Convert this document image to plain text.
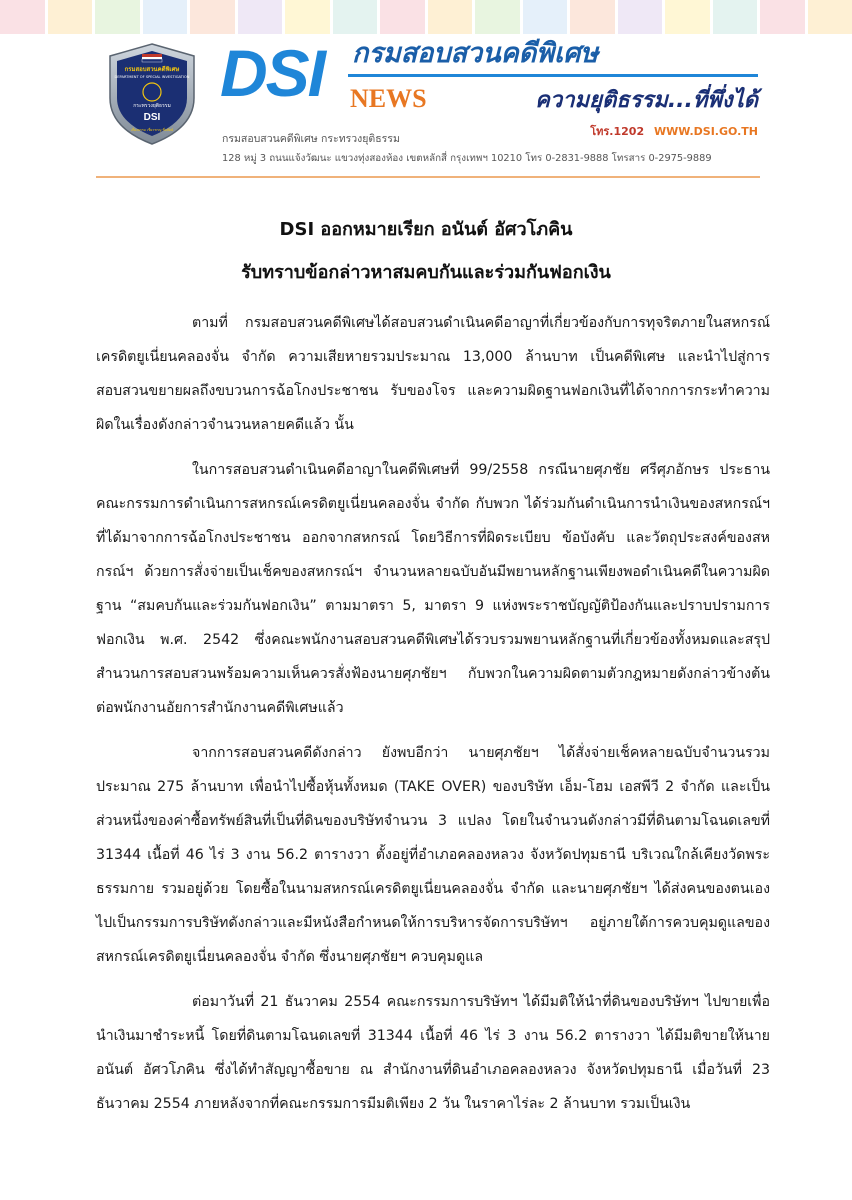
กรมสอบสวนคดีพิเศษ
DEPARTMENT OF SPECIAL INVESTIGATION
กระทรวงยุติธรรม
DSI
เที่ยงธรรม เชี่ยวชาญ ซื่อสัตย์
DSI NEWS
กรมสอบสวนคดีพิเศษ
ความยุติธรรม...ที่พึ่งได้
โทร.1202 WWW.DSI.GO.TH
กรมสอบสวนคดีพิเศษ กระทรวงยุติธรรม
128 หมู่ 3 ถนนแจ้งวัฒนะ แขวงทุ่งสองห้อง เขตหลักสี่ กรุงเทพฯ 10210 โทร 0-2831-9888 โทรสาร 0-2975-9889
DSI ออกหมายเรียก อนันต์ อัศวโภคิน
รับทราบข้อกล่าวหาสมคบกันและร่วมกันฟอกเงิน

ตามที่ กรมสอบสวนคดีพิเศษได้สอบสวนดำเนินคดีอาญาที่เกี่ยวข้องกับการทุจริตภายในสหกรณ์เครดิตยูเนี่ยนคลองจั่น จำกัด ความเสียหายรวมประมาณ 13,000 ล้านบาท เป็นคดีพิเศษ และนำไปสู่การสอบสวนขยายผลถึงขบวนการฉ้อโกงประชาชน รับของโจร และความผิดฐานฟอกเงินที่ได้จากการกระทำความผิดในเรื่องดังกล่าวจำนวนหลายคดีแล้ว นั้น

ในการสอบสวนดำเนินคดีอาญาในคดีพิเศษที่ 99/2558 กรณีนายศุภชัย ศรีศุภอักษร ประธานคณะกรรมการดำเนินการสหกรณ์เครดิตยูเนี่ยนคลองจั่น จำกัด กับพวก ได้ร่วมกันดำเนินการนำเงินของสหกรณ์ฯ ที่ได้มาจากการฉ้อโกงประชาชน ออกจากสหกรณ์ โดยวิธีการที่ผิดระเบียบ ข้อบังคับ และวัตถุประสงค์ของสหกรณ์ฯ ด้วยการสั่งจ่ายเป็นเช็คของสหกรณ์ฯ จำนวนหลายฉบับอันมีพยานหลักฐานเพียงพอดำเนินคดีในความผิดฐาน “สมคบกันและร่วมกันฟอกเงิน” ตามมาตรา 5, มาตรา 9 แห่งพระราชบัญญัติป้องกันและปราบปรามการฟอกเงิน พ.ศ. 2542 ซึ่งคณะพนักงานสอบสวนคดีพิเศษได้รวบรวมพยานหลักฐานที่เกี่ยวข้องทั้งหมดและสรุปสำนวนการสอบสวนพร้อมความเห็นควรสั่งฟ้องนายศุภชัยฯ กับพวกในความผิดตามตัวกฎหมายดังกล่าวข้างต้น ต่อพนักงานอัยการสำนักงานคดีพิเศษแล้ว

จากการสอบสวนคดีดังกล่าว ยังพบอีกว่า นายศุภชัยฯ ได้สั่งจ่ายเช็คหลายฉบับจำนวนรวมประมาณ 275 ล้านบาท เพื่อนำไปซื้อหุ้นทั้งหมด (TAKE OVER) ของบริษัท เอ็ม-โฮม เอสพีวี 2 จำกัด และเป็นส่วนหนึ่งของค่าซื้อทรัพย์สินที่เป็นที่ดินของบริษัทจำนวน 3 แปลง โดยในจำนวนดังกล่าวมีที่ดินตามโฉนดเลขที่ 31344 เนื้อที่ 46 ไร่ 3 งาน 56.2 ตารางวา ตั้งอยู่ที่อำเภอคลองหลวง จังหวัดปทุมธานี บริเวณใกล้เคียงวัดพระธรรมกาย รวมอยู่ด้วย โดยซื้อในนามสหกรณ์เครดิตยูเนี่ยนคลองจั่น จำกัด และนายศุภชัยฯ ได้ส่งคนของตนเองไปเป็นกรรมการบริษัทดังกล่าวและมีหนังสือกำหนดให้การบริหารจัดการบริษัทฯ อยู่ภายใต้การควบคุมดูแลของสหกรณ์เครดิตยูเนี่ยนคลองจั่น จำกัด ซึ่งนายศุภชัยฯ ควบคุมดูแล

ต่อมาวันที่ 21 ธันวาคม 2554 คณะกรรมการบริษัทฯ ได้มีมติให้นำที่ดินของบริษัทฯ ไปขายเพื่อนำเงินมาชำระหนี้ โดยที่ดินตามโฉนดเลขที่ 31344 เนื้อที่ 46 ไร่ 3 งาน 56.2 ตารางวา ได้มีมติขายให้นายอนันต์ อัศวโภคิน ซึ่งได้ทำสัญญาซื้อขาย ณ สำนักงานที่ดินอำเภอคลองหลวง จังหวัดปทุมธานี เมื่อวันที่ 23 ธันวาคม 2554 ภายหลังจากที่คณะกรรมการมีมติเพียง 2 วัน ในราคาไร่ละ 2 ล้านบาท รวมเป็นเงิน
